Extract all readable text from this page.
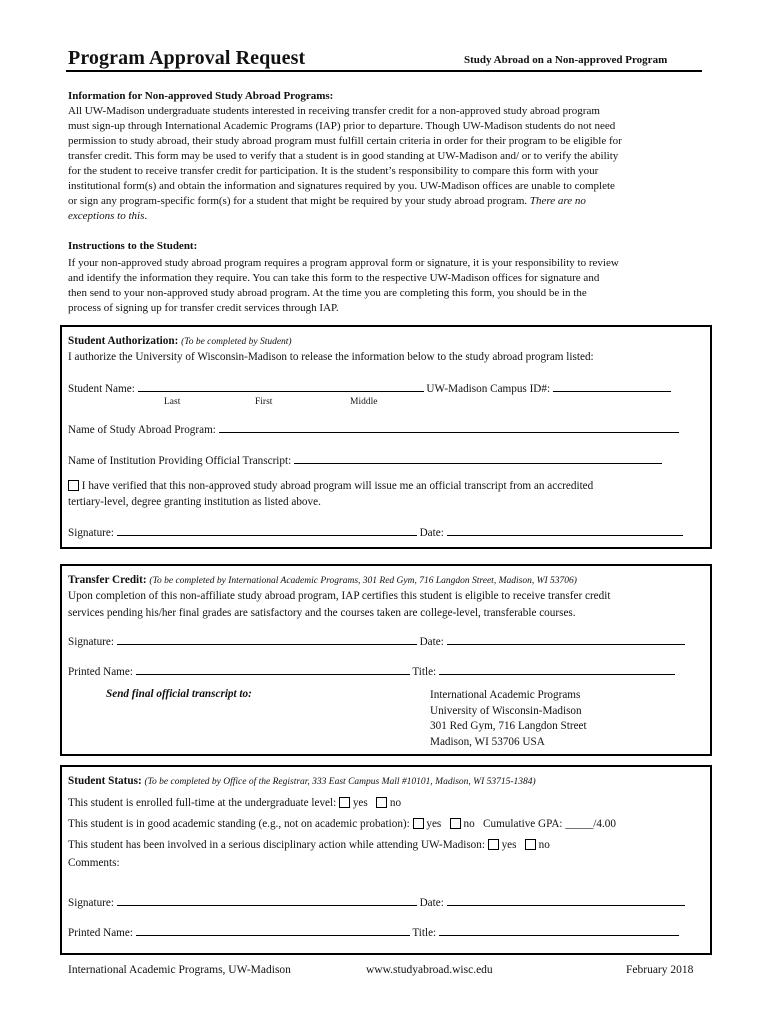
Program Approval Request	Study Abroad on a Non-approved Program
Information for Non-approved Study Abroad Programs:
All UW-Madison undergraduate students interested in receiving transfer credit for a non-approved study abroad program
must sign-up through International Academic Programs (IAP) prior to departure. Though UW-Madison students do not need
permission to study abroad, their study abroad program must fulfill certain criteria in order for their program to be eligible for
transfer credit. This form may be used to verify that a student is in good standing at UW-Madison and/ or to verify the ability
for the student to receive transfer credit for participation. It is the student’s responsibility to compare this form with your
institutional form(s) and obtain the information and signatures required by you. UW-Madison offices are unable to complete
or sign any program-specific form(s) for a student that might be required by your study abroad program. There are no
exceptions to this.
Instructions to the Student:
If your non-approved study abroad program requires a program approval form or signature, it is your responsibility to review
and identify the information they require. You can take this form to the respective UW-Madison offices for signature and
then send to your non-approved study abroad program. At the time you are completing this form, you should be in the
process of signing up for transfer credit services through IAP.
Student Authorization: (To be completed by Student)
I authorize the University of Wisconsin-Madison to release the information below to the study abroad program listed:
Student Name:	UW-Madison Campus ID#:
Last	First	Middle
Name of Study Abroad Program:
Name of Institution Providing Official Transcript:
I have verified that this non-approved study abroad program will issue me an official transcript from an accredited
tertiary-level, degree granting institution as listed above.
Signature:	Date:
Transfer Credit: (To be completed by International Academic Programs, 301 Red Gym, 716 Langdon Street, Madison, WI 53706)
Upon completion of this non-affiliate study abroad program, IAP certifies this student is eligible to receive transfer credit
services pending his/her final grades are satisfactory and the courses taken are college-level, transferable courses.
Signature:	Date:
Printed Name:	Title:
Send final official transcript to:	International Academic Programs
University of Wisconsin-Madison
301 Red Gym, 716 Langdon Street
Madison, WI 53706 USA
Student Status: (To be completed by Office of the Registrar, 333 East Campus Mall #10101, Madison, WI 53715-1384)
This student is enrolled full-time at the undergraduate level:  yes no
This student is in good academic standing (e.g., not on academic probation):  yes no Cumulative GPA: _____/4.00
This student has been involved in a serious disciplinary action while attending UW-Madison:  yes no
Comments:
Signature:	Date:
Printed Name:	Title:
International Academic Programs, UW-Madison	www.studyabroad.wisc.edu	February 2018
